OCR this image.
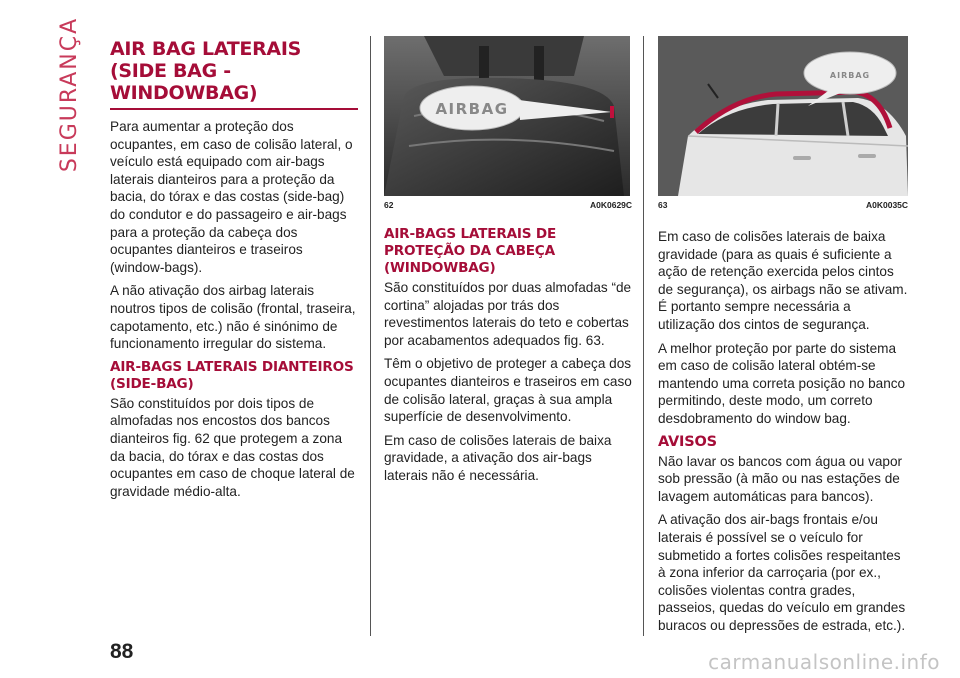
SEGURANÇA AIR BAG LATERAIS (SIDE BAG -
WINDOWBAG)

Para aumentar a proteção dos ocupantes, em caso de colisão lateral, o veículo está equipado com air-bags laterais dianteiros para a proteção da bacia, do tórax e das costas (side-bag) do condutor e do passageiro e air-bags para a proteção da cabeça dos ocupantes dianteiros e traseiros (window-bags).

A não ativação dos airbag laterais noutros tipos de colisão (frontal, traseira, capotamento, etc.) não é sinónimo de funcionamento irregular do sistema.

AIR-BAGS LATERAIS DIANTEIROS (SIDE-BAG)

São constituídos por dois tipos de almofadas nos encostos dos bancos dianteiros fig. 62 que protegem a zona da bacia, do tórax e das costas dos ocupantes em caso de choque lateral de gravidade médio-alta.

AIRBAG
62	A0K0629C
AIR-BAGS LATERAIS DE PROTEÇÃO DA CABEÇA (WINDOWBAG)

São constituídos por duas almofadas “de cortina” alojadas por trás dos revestimentos laterais do teto e cobertas por acabamentos adequados fig. 63.

Têm o objetivo de proteger a cabeça dos ocupantes dianteiros e traseiros em caso de colisão lateral, graças à sua ampla superfície de desenvolvimento.

Em caso de colisões laterais de baixa gravidade, a ativação dos air-bags laterais não é necessária.

AIRBAG
63	A0K0035C

Em caso de colisões laterais de baixa gravidade (para as quais é suficiente a ação de retenção exercida pelos cintos de segurança), os airbags não se ativam. É portanto sempre necessária a utilização dos cintos de segurança.

A melhor proteção por parte do sistema em caso de colisão lateral obtém-se mantendo uma correta posição no banco permitindo, deste modo, um correto desdobramento do window bag.

AVISOS

Não lavar os bancos com água ou vapor sob pressão (à mão ou nas estações de lavagem automáticas para bancos).

A ativação dos air-bags frontais e/ou laterais é possível se o veículo for submetido a fortes colisões respeitantes à zona inferior da carroçaria (por ex., colisões violentas contra grades, passeios, quedas do veículo em grandes buracos ou depressões de estrada, etc.).

88	carmanualsonline.info
